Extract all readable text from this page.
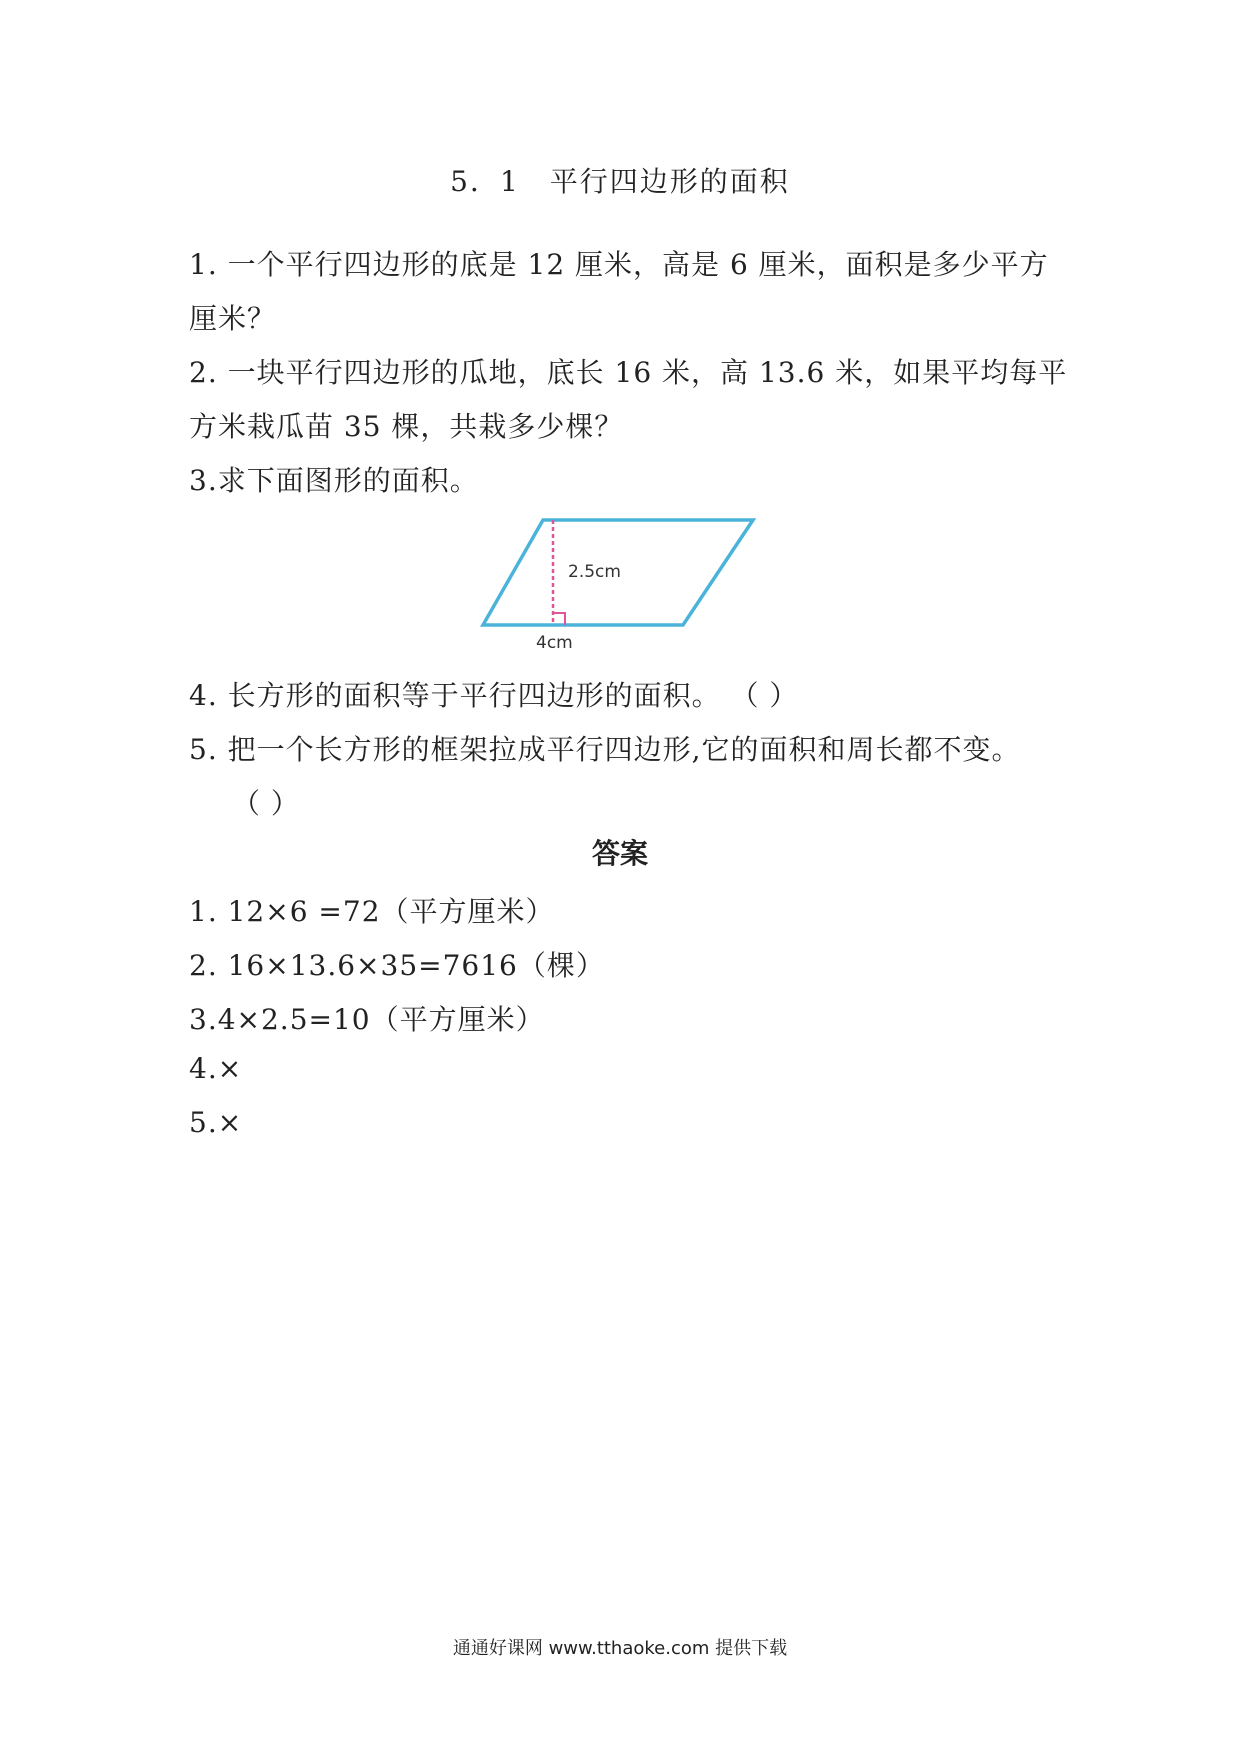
5．1　平行四边形的面积
1. 一个平行四边形的底是 12 厘米，高是 6 厘米，面积是多少平方
厘米？
2. 一块平行四边形的瓜地，底长 16 米，高 13.6 米，如果平均每平
方米栽瓜苗 35 棵，共栽多少棵？
3.求下面图形的面积。
2.5cm
4cm
4. 长方形的面积等于平行四边形的面积。 （ ）
5. 把一个长方形的框架拉成平行四边形,它的面积和周长都不变。
（ ）
答案
1. 12×6 =72（平方厘米）
2. 16×13.6×35=7616（棵）
3.4×2.5=10（平方厘米）
4.×
5.×
通通好课网 www.tthaoke.com 提供下载
